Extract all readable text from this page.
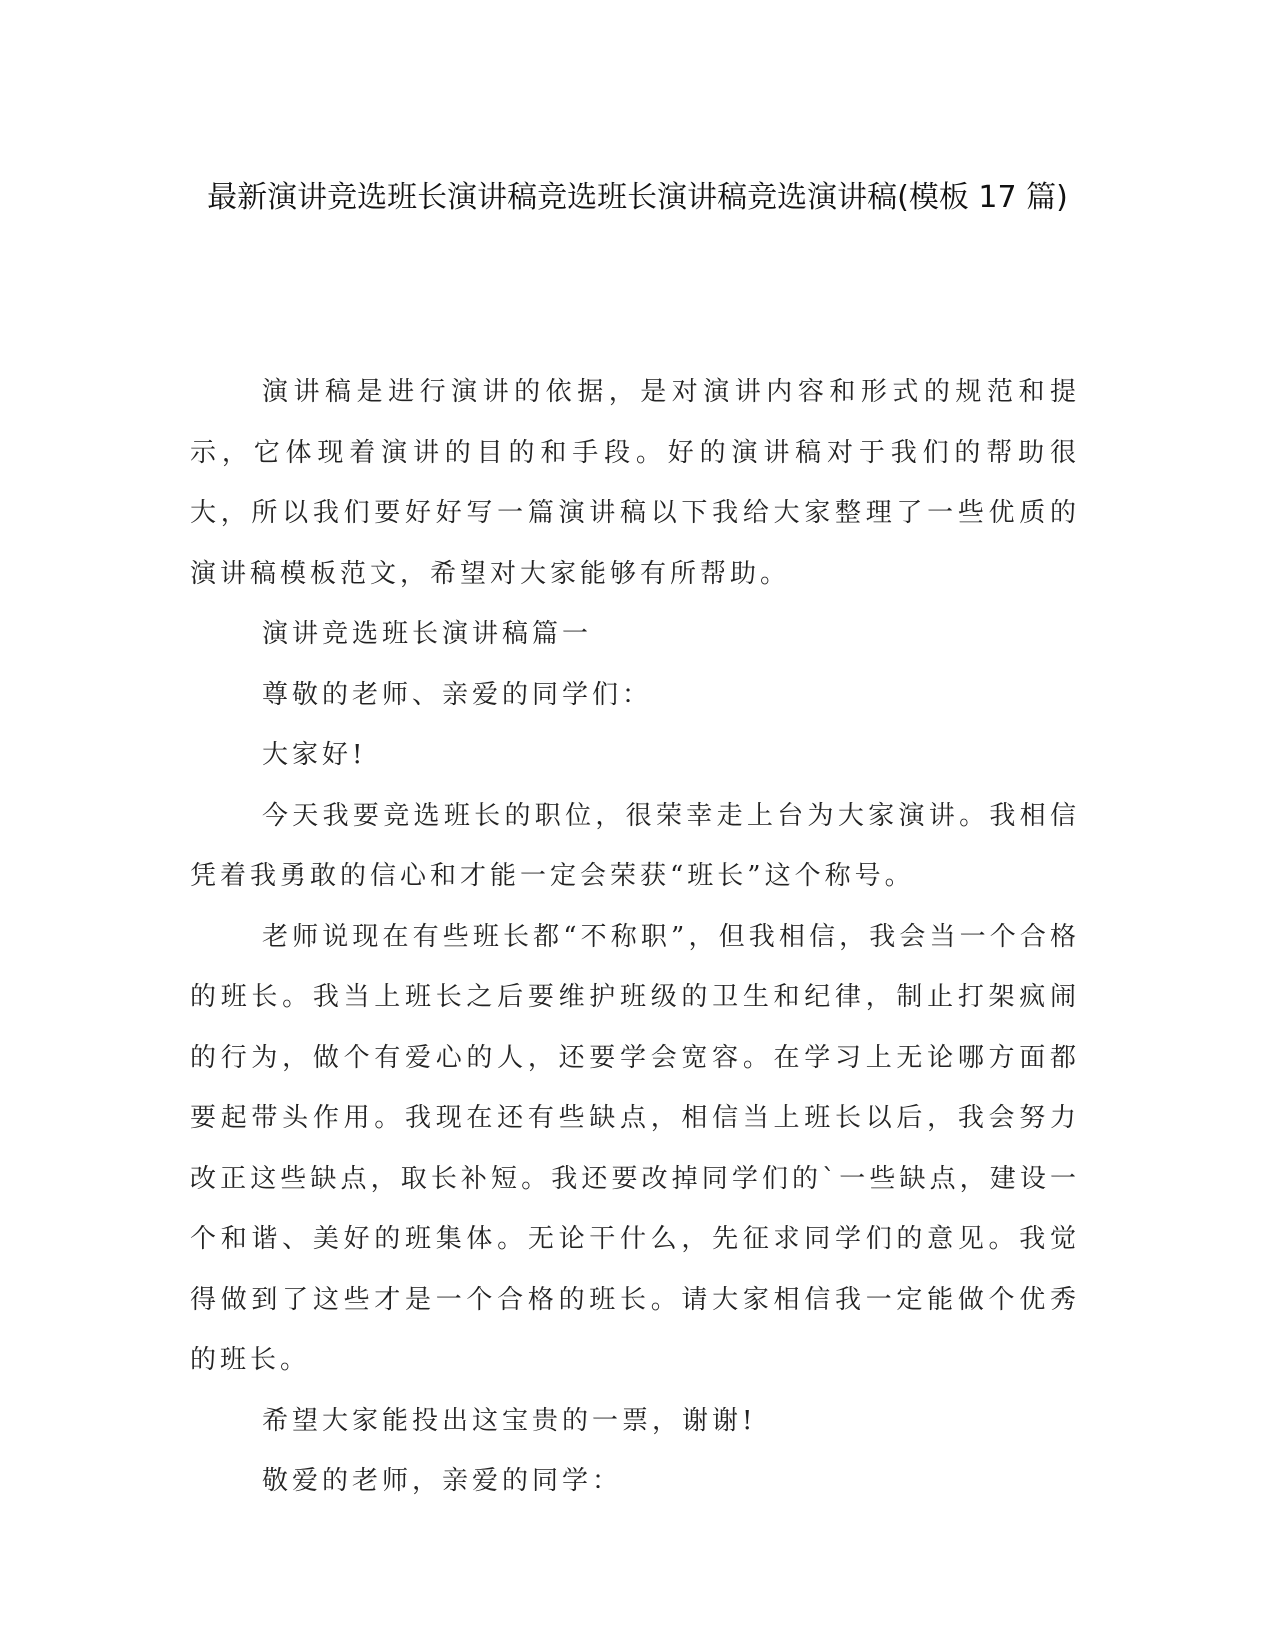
最新演讲竞选班长演讲稿竞选班长演讲稿竞选演讲稿(模板 17 篇)

演讲稿是进行演讲的依据，是对演讲内容和形式的规范和提示，它体现着演讲的目的和手段。好的演讲稿对于我们的帮助很大，所以我们要好好写一篇演讲稿以下我给大家整理了一些优质的演讲稿模板范文，希望对大家能够有所帮助。

演讲竞选班长演讲稿篇一

尊敬的老师、亲爱的同学们：

大家好!

今天我要竞选班长的职位，很荣幸走上台为大家演讲。我相信凭着我勇敢的信心和才能一定会荣获“班长”这个称号。

老师说现在有些班长都“不称职”，但我相信，我会当一个合格的班长。我当上班长之后要维护班级的卫生和纪律，制止打架疯闹的行为，做个有爱心的人，还要学会宽容。在学习上无论哪方面都要起带头作用。我现在还有些缺点，相信当上班长以后，我会努力改正这些缺点，取长补短。我还要改掉同学们的`一些缺点，建设一个和谐、美好的班集体。无论干什么，先征求同学们的意见。我觉得做到了这些才是一个合格的班长。请大家相信我一定能做个优秀的班长。

希望大家能投出这宝贵的一票，谢谢!

敬爱的老师，亲爱的同学：
